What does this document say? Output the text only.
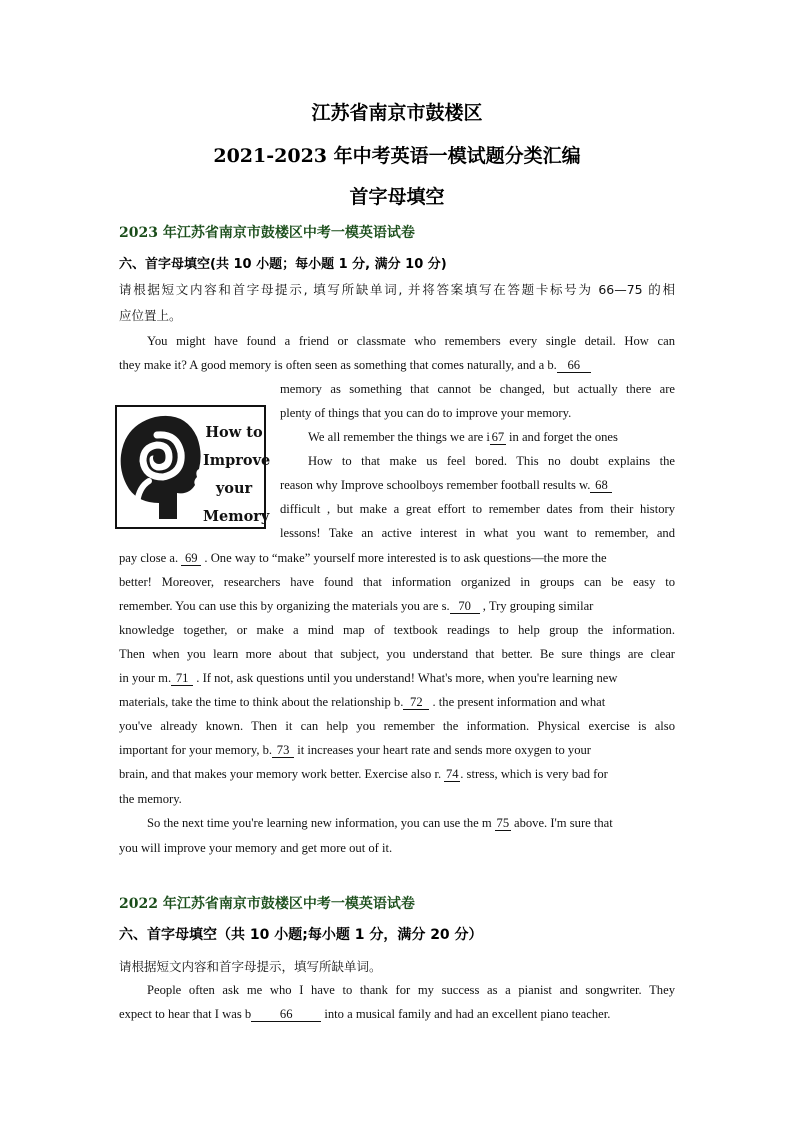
江苏省南京市鼓楼区
2021-2023 年中考英语一模试题分类汇编
首字母填空
2023 年江苏省南京市鼓楼区中考一模英语试卷
六、首字母填空(共 10 小题；每小题 1 分, 满分 10 分)
请根据短文内容和首字母提示, 填写所缺单词, 并将答案填写在答题卡标号为 66—75 的相
应位置上。
You might have found a friend or classmate who remembers every single detail. How can
they make it? A good memory is often seen as something that comes naturally, and a b. 66
memory as something that cannot be changed, but actually there are
plenty of things that you can do to improve your memory.
We all remember the things we are i 67 in and forget the ones
How to that make us feel bored. This no doubt explains the
reason why Improve schoolboys remember football results w. 68
difficult , but make a great effort to remember dates from their history
lessons! Take an active interest in what you want to remember, and
pay close a. 69 . One way to “make” yourself more interested is to ask questions—the more the
better! Moreover, researchers have found that information organized in groups can be easy to
remember. You can use this by organizing the materials you are s. 70 , Try grouping similar
knowledge together, or make a mind map of textbook readings to help group the information.
Then when you learn more about that subject, you understand that better. Be sure things are clear
in your m. 71 . If not, ask questions until you understand! What's more, when you're learning new
materials, take the time to think about the relationship b. 72 . the present information and what
you've already known. Then it can help you remember the information. Physical exercise is also
important for your memory, b. 73 it increases your heart rate and sends more oxygen to your
brain, and that makes your memory work better. Exercise also r. 74 . stress, which is very bad for
the memory.
So the next time you're learning new information, you can use the m 75 above. I'm sure that
you will improve your memory and get more out of it.
How to
Improve
your
Memory
2022 年江苏省南京市鼓楼区中考一模英语试卷
六、首字母填空（共 10 小题;每小题 1 分，满分 20 分）
请根据短文内容和首字母提示，填写所缺单词。
People often ask me who I have to thank for my success as a pianist and songwriter. They
expect to hear that I was b 66 into a musical family and had an excellent piano teacher.
